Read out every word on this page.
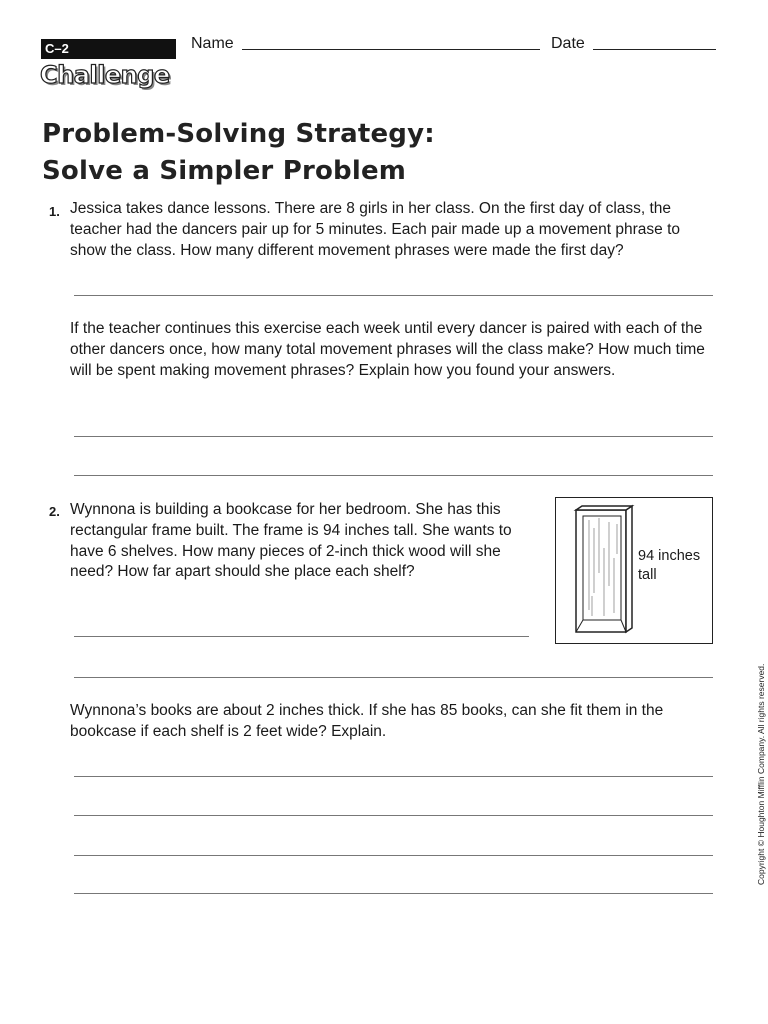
C–2
Challenge
Name	Date
Problem-Solving Strategy:
Solve a Simpler Problem
1. Jessica takes dance lessons. There are 8 girls in her class. On the first day of class, the teacher had the dancers pair up for 5 minutes. Each pair made up a movement phrase to show the class. How many different movement phrases were made the first day?
If the teacher continues this exercise each week until every dancer is paired with each of the other dancers once, how many total movement phrases will the class make? How much time will be spent making movement phrases? Explain how you found your answers.
2. Wynnona is building a bookcase for her bedroom. She has this rectangular frame built. The frame is 94 inches tall. She wants to have 6 shelves. How many pieces of 2-inch thick wood will she need? How far apart should she place each shelf?
94 inches
tall
Wynnona’s books are about 2 inches thick. If she has 85 books, can she fit them in the bookcase if each shelf is 2 feet wide? Explain.	Copyright © Houghton Mifflin Company. All rights reserved.
